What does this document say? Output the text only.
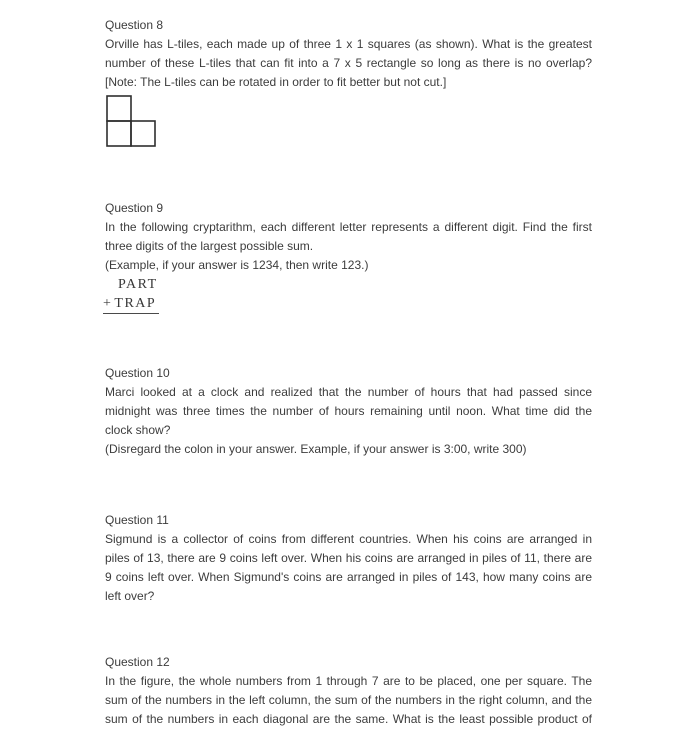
Question 8
Orville has L-tiles, each made up of three 1 x 1 squares (as shown). What is the greatest
number of these L-tiles that can fit into a 7 x 5 rectangle so long as there is no overlap?
[Note: The L-tiles can be rotated in order to fit better but not cut.]
Question 9
In the following cryptarithm, each different letter represents a different digit. Find the first
three digits of the largest possible sum.
(Example, if your answer is 1234, then write 123.)
PART
+ TRAP
Question 10
Marci looked at a clock and realized that the number of hours that had passed since
midnight was three times the number of hours remaining until noon. What time did the
clock show?
(Disregard the colon in your answer. Example, if your answer is 3:00, write 300)
Question 11
Sigmund is a collector of coins from different countries. When his coins are arranged in
piles of 13, there are 9 coins left over. When his coins are arranged in piles of 11, there are
9 coins left over. When Sigmund's coins are arranged in piles of 143, how many coins are
left over?
Question 12
In the figure, the whole numbers from 1 through 7 are to be placed, one per square. The
sum of the numbers in the left column, the sum of the numbers in the right column, and the
sum of the numbers in each diagonal are the same. What is the least possible product of
